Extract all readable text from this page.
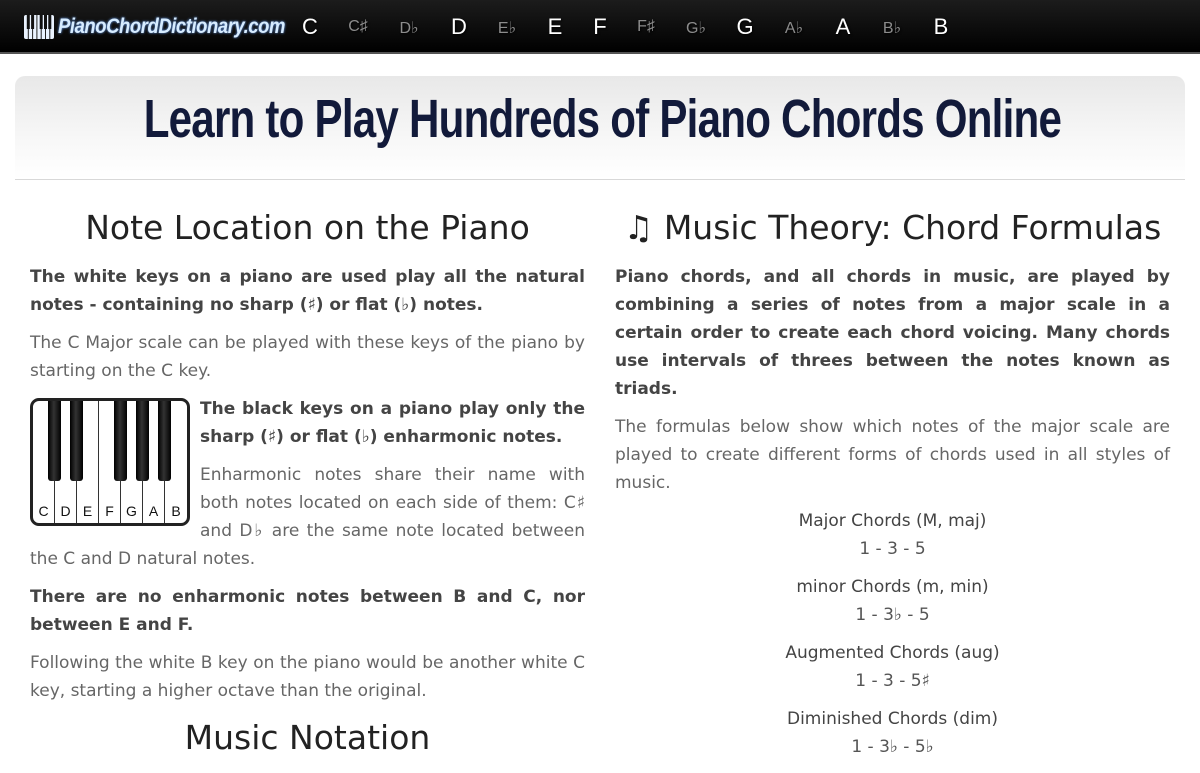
PianoChordDictionary.com C	C♯	D♭	D	E♭	E	F	F♯	G♭	G	A♭	A	B♭	B
Learn to Play Hundreds of Piano Chords Online
Note Location on the Piano

The white keys on a piano are used play all the natural notes - containing no sharp (♯) or flat (♭) notes.

The C Major scale can be played with these keys of the piano by starting on the C key.

C D E F G A B

The black keys on a piano play only the sharp (♯) or flat (♭) enharmonic notes.

Enharmonic notes share their name with both notes located on each side of them: C♯ and D♭ are the same note located between the C and D natural notes.

There are no enharmonic notes between B and C, nor between E and F.

Following the white B key on the piano would be another white C key, starting a higher octave than the original.

Music Notation
♫ Music Theory: Chord Formulas

Piano chords, and all chords in music, are played by combining a series of notes from a major scale in a certain order to create each chord voicing. Many chords use intervals of threes between the notes known as triads.

The formulas below show which notes of the major scale are played to create different forms of chords used in all styles of music.

Major Chords (M, maj)
1 - 3 - 5
minor Chords (m, min)
1 - 3♭ - 5
Augmented Chords (aug)
1 - 3 - 5♯
Diminished Chords (dim)
1 - 3♭ - 5♭
